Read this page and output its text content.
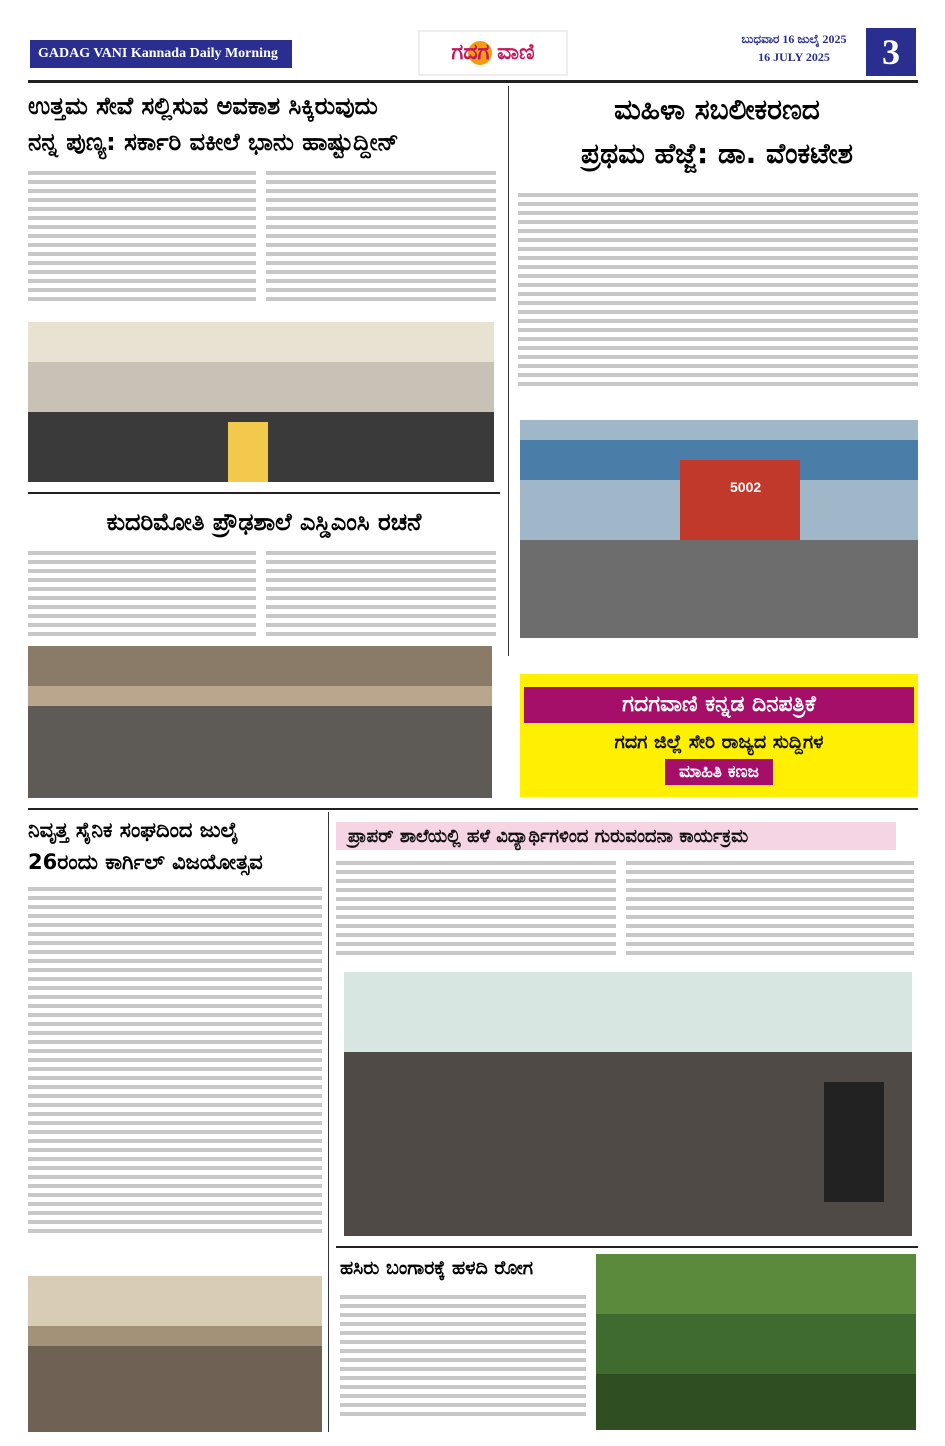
GADAG VANI Kannada Daily Morning	ಗದಗ ವಾಣಿ
ಬುಧವಾರ 16 ಜುಲೈ 2025
16 JULY 2025	3
ಉತ್ತಮ ಸೇವೆ ಸಲ್ಲಿಸುವ ಅವಕಾಶ ಸಿಕ್ಕಿರುವುದು
ನನ್ನ ಪುಣ್ಯ: ಸರ್ಕಾರಿ ವಕೀಲೆ ಭಾನು ಹಾಷ್ಟುದ್ದೀನ್
ಮಹಿಳಾ ಸಬಲೀಕರಣದ
ಪ್ರಥಮ ಹೆಜ್ಜೆ: ಡಾ. ವೆಂಕಟೇಶ
5002
ಕುದರಿಮೋತಿ ಪ್ರೌಢಶಾಲೆ ಎಸ್ಡಿಎಂಸಿ ರಚನೆ
ಗದಗವಾಣಿ ಕನ್ನಡ ದಿನಪತ್ರಿಕೆ
ಗದಗ ಜಿಲ್ಲೆ ಸೇರಿ ರಾಜ್ಯದ ಸುದ್ದಿಗಳ
ಮಾಹಿತಿ ಕಣಜ
ನಿವೃತ್ತ ಸೈನಿಕ ಸಂಘದಿಂದ ಜುಲೈ
26ರಂದು ಕಾರ್ಗಿಲ್ ವಿಜಯೋತ್ಸವ
ಪ್ರಾಪರ್ ಶಾಲೆಯಲ್ಲಿ ಹಳೆ ವಿದ್ಯಾರ್ಥಿಗಳಿಂದ ಗುರುವಂದನಾ ಕಾರ್ಯಕ್ರಮ
ಹಸಿರು ಬಂಗಾರಕ್ಕೆ ಹಳದಿ ರೋಗ
